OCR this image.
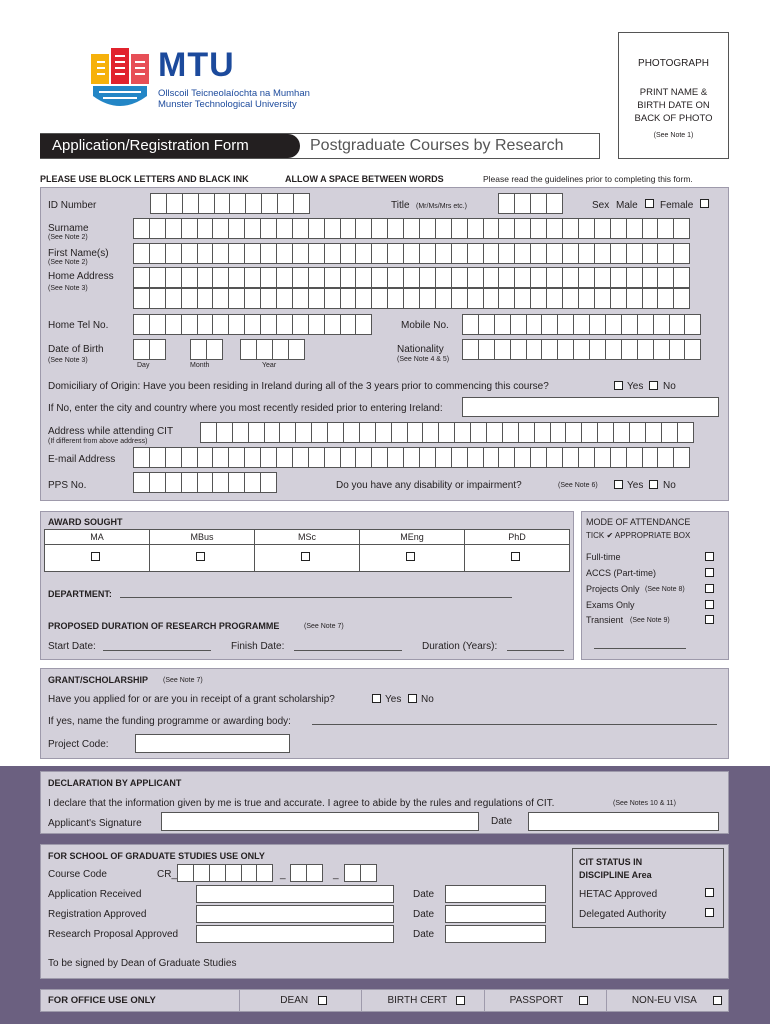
MTU
Ollscoil Teicneolaíochta na Mumhan
Munster Technological University
PHOTOGRAPH
PRINT NAME & BIRTH DATE ON BACK OF PHOTO
(See Note 1)
Application/Registration Form	Postgraduate Courses by Research
PLEASE USE BLOCK LETTERS AND BLACK INK	ALLOW A SPACE BETWEEN WORDS	Please read the guidelines prior to completing this form.
ID Number	Title (Mr/Ms/Mrs etc.)	Sex Male Female
Surname
(See Note 2)
First Name(s)
(See Note 2)
Home Address
(See Note 3)
Home Tel No.	Mobile No.
Date of Birth
(See Note 3)
Day	Month	Year
Nationality
(See Note 4 & 5)
Domiciliary of Origin: Have you been residing in Ireland during all of the 3 years prior to commencing this course?	Yes No
If No, enter the city and country where you most recently resided prior to entering Ireland:
Address while attending CIT
(If different from above address)
E-mail Address
PPS No.	Do you have any disability or impairment?	(See Note 6)	Yes No
AWARD SOUGHT
MA	MBus	MSc	MEng	PhD
DEPARTMENT:
PROPOSED DURATION OF RESEARCH PROGRAMME	(See Note 7)
Start Date:	Finish Date:	Duration (Years):
MODE OF ATTENDANCE
TICK ✔ APPROPRIATE BOX
Full-time
ACCS (Part-time)
Projects Only (See Note 8)
Exams Only
Transient (See Note 9)
GRANT/SCHOLARSHIP (See Note 7)
Have you applied for or are you in receipt of a grant scholarship?	Yes No
If yes, name the funding programme or awarding body:
Project Code:
DECLARATION BY APPLICANT
I declare that the information given by me is true and accurate. I agree to abide by the rules and regulations of CIT.	(See Notes 10 & 11)
Applicant's Signature	Date
FOR SCHOOL OF GRADUATE STUDIES USE ONLY
Course Code	CR_	_	_
Application Received	Date
Registration Approved	Date
Research Proposal Approved	Date
To be signed by Dean of Graduate Studies
CIT STATUS IN DISCIPLINE Area
HETAC Approved
Delegated Authority
FOR OFFICE USE ONLY	DEAN	BIRTH CERT	PASSPORT	NON-EU VISA
